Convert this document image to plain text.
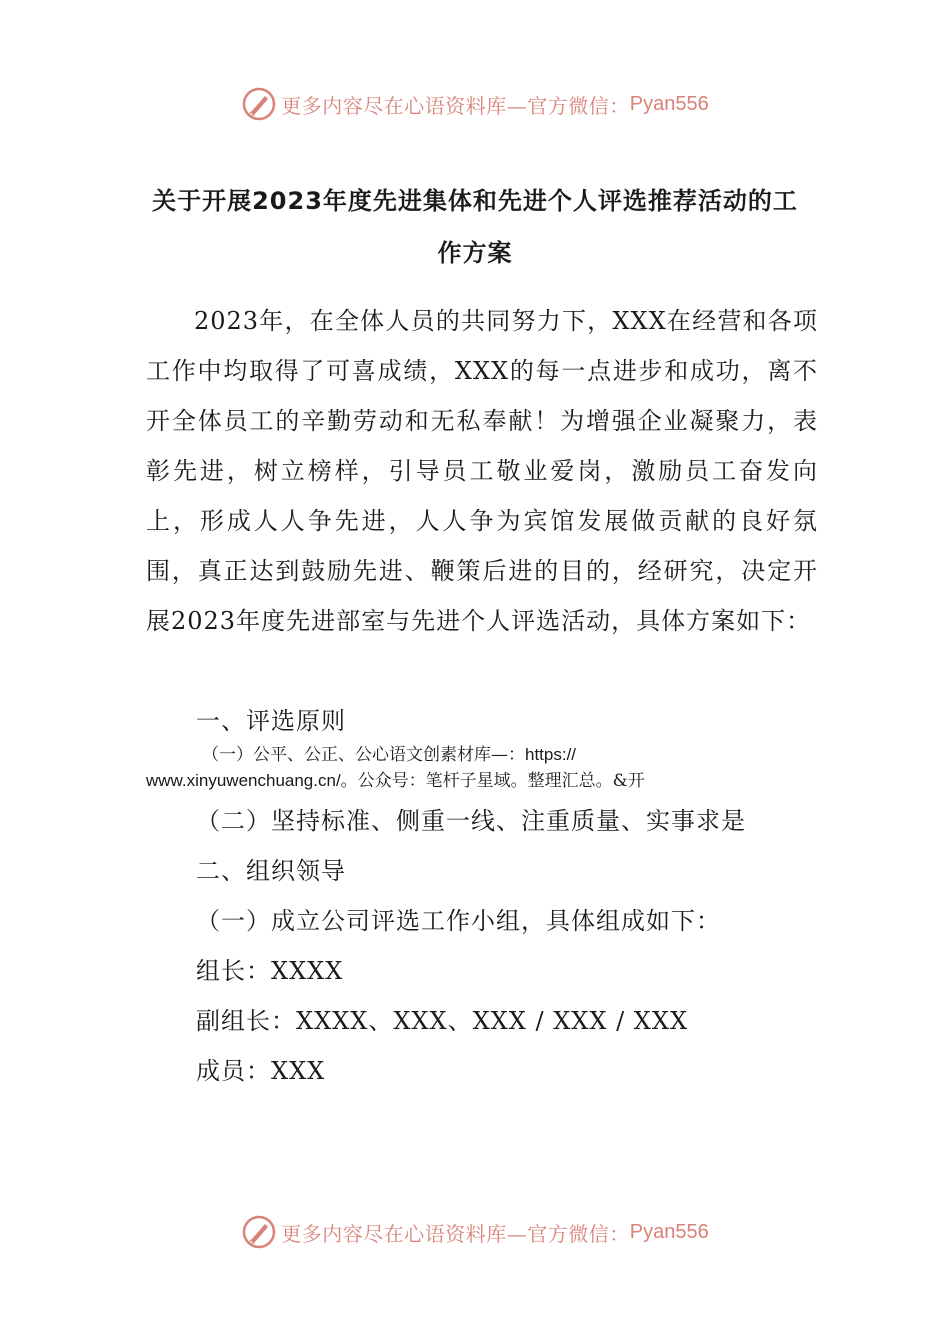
更多内容尽在心语资料库—官方微信： Pyan556
关于开展2023年度先进集体和先进个人评选推荐活动的工作方案

2023年，在全体人员的共同努力下，XXX在经营和各项工作中均取得了可喜成绩，XXX的每一点进步和成功，离不开全体员工的辛勤劳动和无私奉献！为增强企业凝聚力，表彰先进，树立榜样，引导员工敬业爱岗，激励员工奋发向上，形成人人争先进，人人争为宾馆发展做贡献的良好氛围，真正达到鼓励先进、鞭策后进的目的，经研究，决定开展2023年度先进部室与先进个人评选活动，具体方案如下：

一、评选原则
（一）公平、公正、公心语文创素材库—：https://
www.xinyuwenchuang.cn/。公众号：笔杆子星域。整理汇总。&开
（二）坚持标准、侧重一线、注重质量、实事求是
二、组织领导
（一）成立公司评选工作小组，具体组成如下：
组长：XXXX
副组长：XXXX、XXX、XXX / XXX / XXX
成员：XXX
更多内容尽在心语资料库—官方微信： Pyan556
